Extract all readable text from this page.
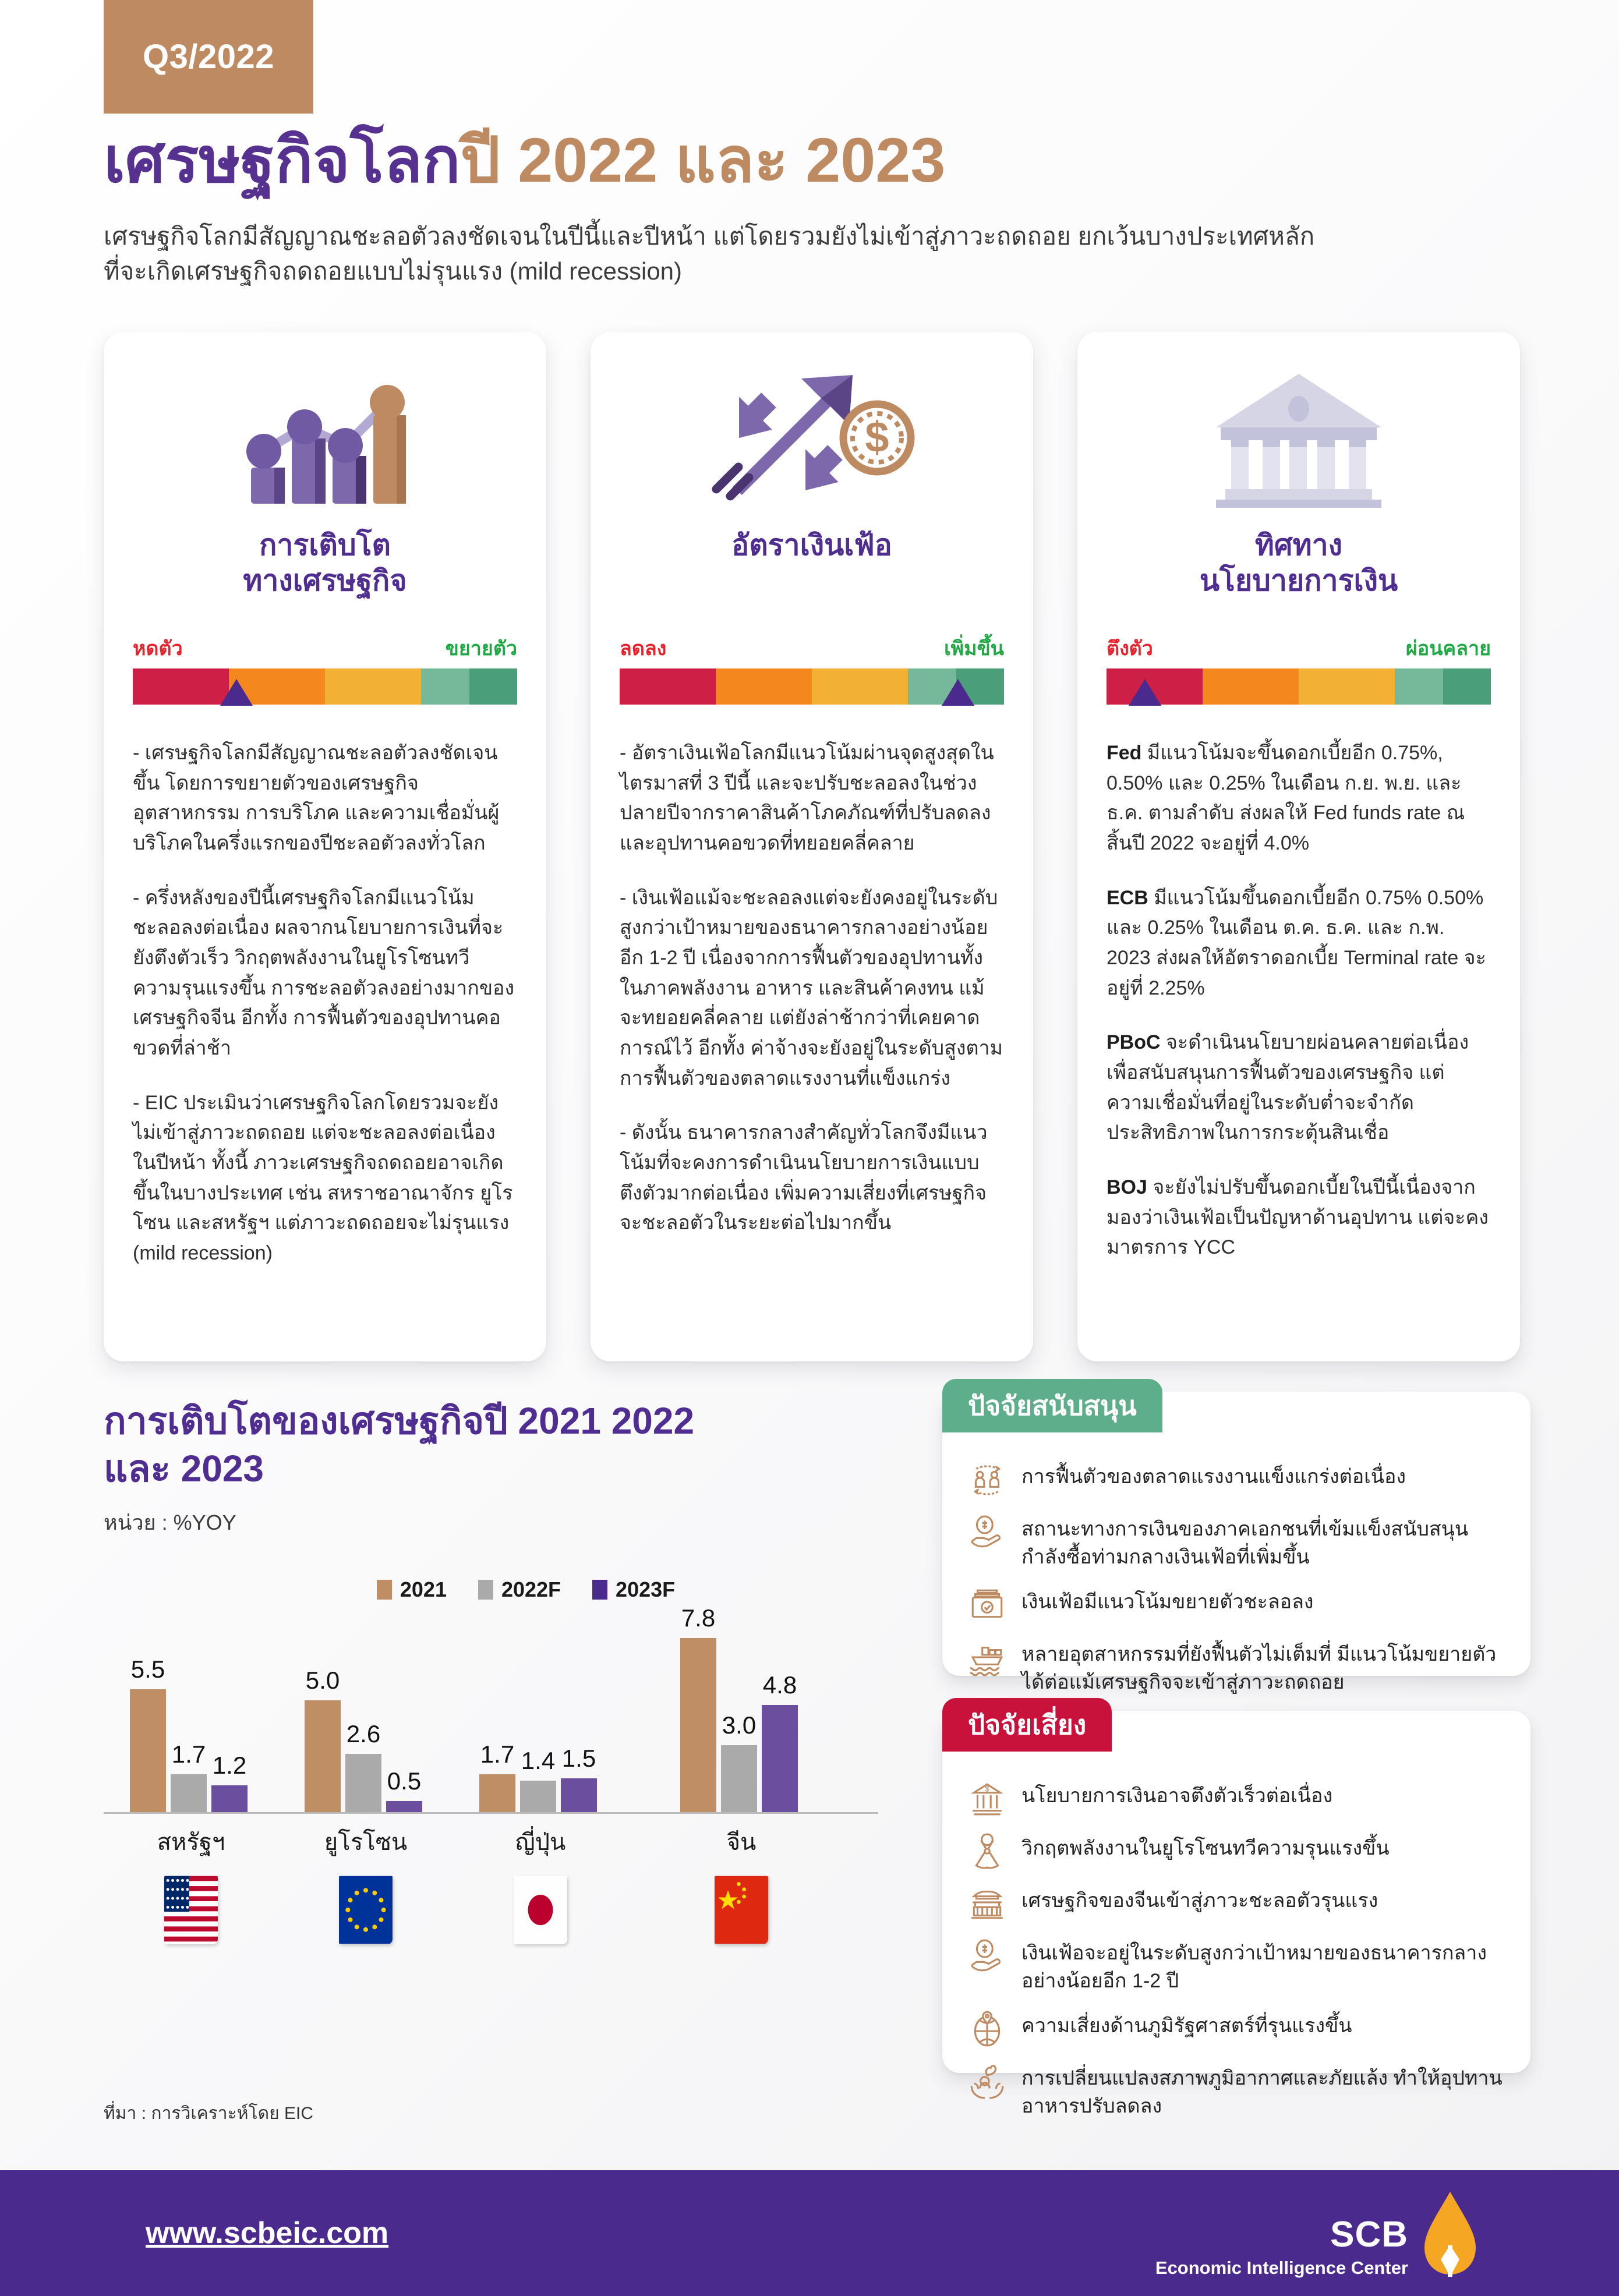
Q3/2022
เศรษฐกิจโลกปี 2022 และ 2023
เศรษฐกิจโลกมีสัญญาณชะลอตัวลงชัดเจนในปีนี้และปีหน้า แต่โดยรวมยังไม่เข้าสู่ภาวะถดถอย ยกเว้นบางประเทศหลัก
ที่จะเกิดเศรษฐกิจถดถอยแบบไม่รุนแรง (mild recession)
การเติบโต
ทางเศรษฐกิจ
หดตัว	ขยายตัว

- เศรษฐกิจโลกมีสัญญาณชะลอตัวลงชัดเจนขึ้น โดยการขยายตัวของเศรษฐกิจ อุตสาหกรรม การบริโภค และความเชื่อมั่นผู้บริโภคในครึ่งแรกของปีชะลอตัวลงทั่วโลก

- ครึ่งหลังของปีนี้เศรษฐกิจโลกมีแนวโน้มชะลอลงต่อเนื่อง ผลจากนโยบายการเงินที่จะยังตึงตัวเร็ว วิกฤตพลังงานในยูโรโซนทวีความรุนแรงขึ้น การชะลอตัวลงอย่างมากของเศรษฐกิจจีน อีกทั้ง การฟื้นตัวของอุปทานคอขวดที่ล่าช้า

- EIC ประเมินว่าเศรษฐกิจโลกโดยรวมจะยังไม่เข้าสู่ภาวะถดถอย แต่จะชะลอลงต่อเนื่องในปีหน้า ทั้งนี้ ภาวะเศรษฐกิจถดถอยอาจเกิดขึ้นในบางประเทศ เช่น สหราชอาณาจักร ยูโรโซน และสหรัฐฯ แต่ภาวะถดถอยจะไม่รุนแรง (mild recession)

$
อัตราเงินเฟ้อ
ลดลง	เพิ่มขึ้น

- อัตราเงินเฟ้อโลกมีแนวโน้มผ่านจุดสูงสุดในไตรมาสที่ 3 ปีนี้ และจะปรับชะลอลงในช่วงปลายปีจากราคาสินค้าโภคภัณฑ์ที่ปรับลดลงและอุปทานคอขวดที่ทยอยคลี่คลาย

- เงินเฟ้อแม้จะชะลอลงแต่จะยังคงอยู่ในระดับสูงกว่าเป้าหมายของธนาคารกลางอย่างน้อยอีก 1-2 ปี เนื่องจากการฟื้นตัวของอุปทานทั้งในภาคพลังงาน อาหาร และสินค้าคงทน แม้จะทยอยคลี่คลาย แต่ยังล่าช้ากว่าที่เคยคาดการณ์ไว้ อีกทั้ง ค่าจ้างจะยังอยู่ในระดับสูงตามการฟื้นตัวของตลาดแรงงานที่แข็งแกร่ง

- ดังนั้น ธนาคารกลางสำคัญทั่วโลกจึงมีแนวโน้มที่จะคงการดำเนินนโยบายการเงินแบบตึงตัวมากต่อเนื่อง เพิ่มความเสี่ยงที่เศรษฐกิจจะชะลอตัวในระยะต่อไปมากขึ้น

ทิศทาง
นโยบายการเงิน
ตึงตัว	ผ่อนคลาย

Fed มีแนวโน้มจะขึ้นดอกเบี้ยอีก 0.75%, 0.50% และ 0.25% ในเดือน ก.ย. พ.ย. และ ธ.ค. ตามลำดับ ส่งผลให้ Fed funds rate ณ สิ้นปี 2022 จะอยู่ที่ 4.0%

ECB มีแนวโน้มขึ้นดอกเบี้ยอีก 0.75% 0.50% และ 0.25% ในเดือน ต.ค. ธ.ค. และ ก.พ. 2023 ส่งผลให้อัตราดอกเบี้ย Terminal rate จะอยู่ที่ 2.25%

PBoC จะดำเนินนโยบายผ่อนคลายต่อเนื่องเพื่อสนับสนุนการฟื้นตัวของเศรษฐกิจ แต่ความเชื่อมั่นที่อยู่ในระดับต่ำจะจำกัดประสิทธิภาพในการกระตุ้นสินเชื่อ

BOJ จะยังไม่ปรับขึ้นดอกเบี้ยในปีนี้เนื่องจากมองว่าเงินเฟ้อเป็นปัญหาด้านอุปทาน แต่จะคงมาตรการ YCC

การเติบโตของเศรษฐกิจปี 2021 2022
และ 2023
หน่วย : %YOY
2021	2022F	2023F
5.5
1.7 1.2
5.0
2.6
0.5
1.7 1.4 1.5
7.8
3.0
4.8
สหรัฐฯ	ยูโรโซน	ญี่ปุ่น	จีน
ที่มา : การวิเคราะห์โดย EIC
ปัจจัยสนับสนุน
การฟื้นตัวของตลาดแรงงานแข็งแกร่งต่อเนื่อง
สถานะทางการเงินของภาคเอกชนที่เข้มแข็งสนับสนุนกำลังซื้อท่ามกลางเงินเฟ้อที่เพิ่มขึ้น
เงินเฟ้อมีแนวโน้มขยายตัวชะลอลง
หลายอุตสาหกรรมที่ยังฟื้นตัวไม่เต็มที่ มีแนวโน้มขยายตัวได้ต่อแม้เศรษฐกิจจะเข้าสู่ภาวะถดถอย
ปัจจัยเสี่ยง
$ นโยบายการเงินอาจตึงตัวเร็วต่อเนื่อง
วิกฤตพลังงานในยูโรโซนทวีความรุนแรงขึ้น
เศรษฐกิจของจีนเข้าสู่ภาวะชะลอตัวรุนแรง
เงินเฟ้อจะอยู่ในระดับสูงกว่าเป้าหมายของธนาคารกลางอย่างน้อยอีก 1-2 ปี
ความเสี่ยงด้านภูมิรัฐศาสตร์ที่รุนแรงขึ้น
การเปลี่ยนแปลงสภาพภูมิอากาศและภัยแล้ง ทำให้อุปทานอาหารปรับลดลง
www.scbeic.com	SCB
Economic Intelligence Center
